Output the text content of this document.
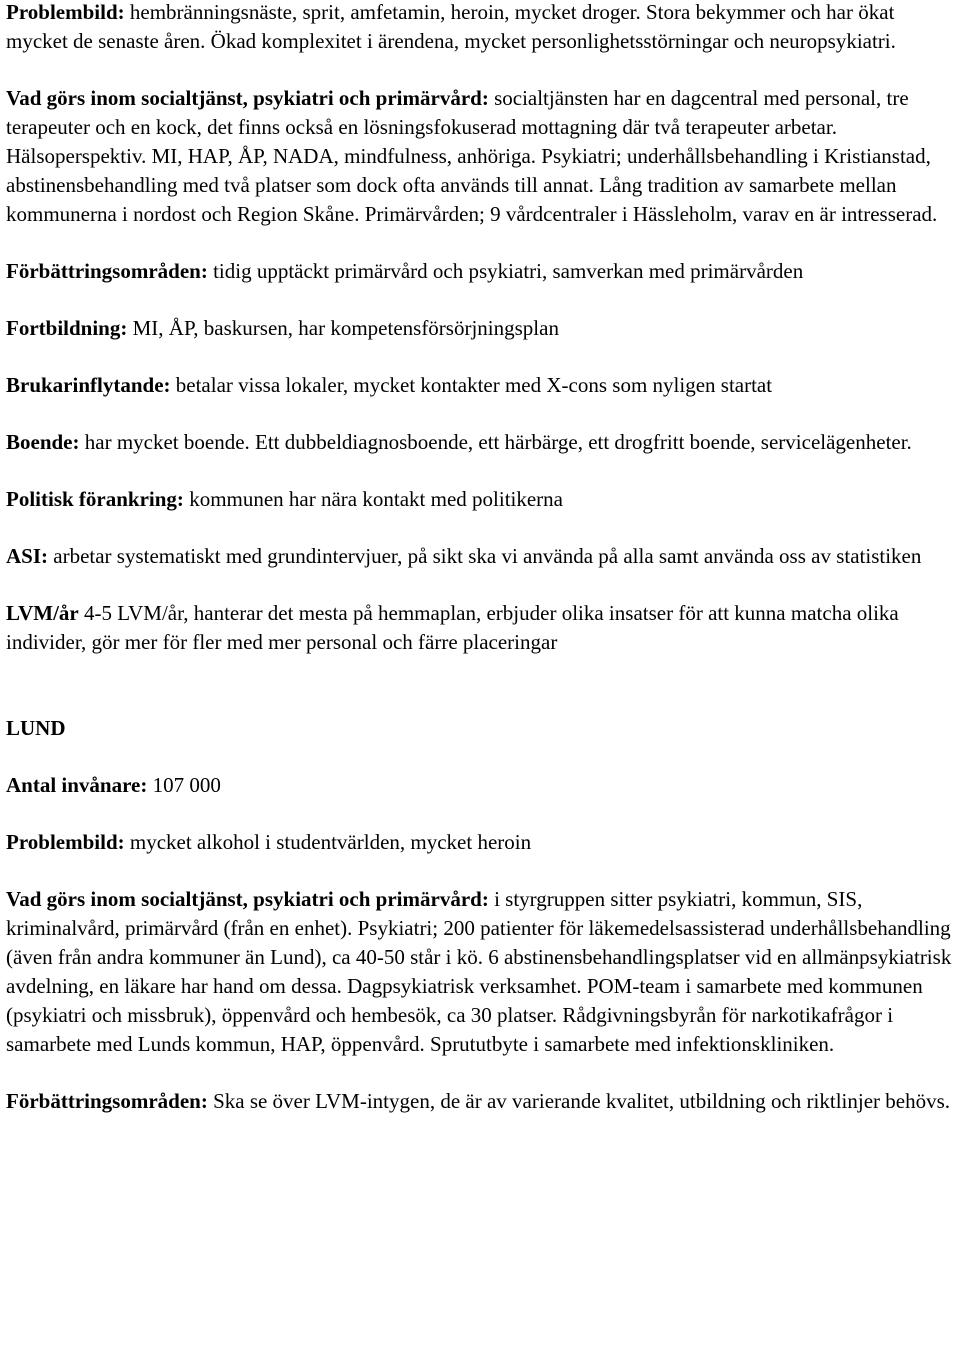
Problembild: hembränningsnäste, sprit, amfetamin, heroin, mycket droger. Stora bekymmer och har ökat mycket de senaste åren. Ökad komplexitet i ärendena, mycket personlighetsstörningar och neuropsykiatri.

Vad görs inom socialtjänst, psykiatri och primärvård: socialtjänsten har en dagcentral med personal, tre terapeuter och en kock, det finns också en lösningsfokuserad mottagning där två terapeuter arbetar. Hälsoperspektiv. MI, HAP, ÅP, NADA, mindfulness, anhöriga. Psykiatri; underhållsbehandling i Kristianstad, abstinensbehandling med två platser som dock ofta används till annat. Lång tradition av samarbete mellan kommunerna i nordost och Region Skåne. Primärvården; 9 vårdcentraler i Hässleholm, varav en är intresserad.

Förbättringsområden: tidig upptäckt primärvård och psykiatri, samverkan med primärvården

Fortbildning: MI, ÅP, baskursen, har kompetensförsörjningsplan

Brukarinflytande: betalar vissa lokaler, mycket kontakter med X-cons som nyligen startat

Boende: har mycket boende. Ett dubbeldiagnosboende, ett härbärge, ett drogfritt boende, servicelägenheter.

Politisk förankring: kommunen har nära kontakt med politikerna

ASI: arbetar systematiskt med grundintervjuer, på sikt ska vi använda på alla samt använda oss av statistiken

LVM/år 4-5 LVM/år, hanterar det mesta på hemmaplan, erbjuder olika insatser för att kunna matcha olika individer, gör mer för fler med mer personal och färre placeringar

LUND

Antal invånare: 107 000

Problembild: mycket alkohol i studentvärlden, mycket heroin

Vad görs inom socialtjänst, psykiatri och primärvård: i styrgruppen sitter psykiatri, kommun, SIS, kriminalvård, primärvård (från en enhet). Psykiatri; 200 patienter för läkemedelsassisterad underhållsbehandling (även från andra kommuner än Lund), ca 40-50 står i kö. 6 abstinensbehandlingsplatser vid en allmänpsykiatrisk avdelning, en läkare har hand om dessa. Dagpsykiatrisk verksamhet. POM-team i samarbete med kommunen (psykiatri och missbruk), öppenvård och hembesök, ca 30 platser. Rådgivningsbyrån för narkotikafrågor i samarbete med Lunds kommun, HAP, öppenvård. Sprututbyte i samarbete med infektionskliniken.

Förbättringsområden: Ska se över LVM-intygen, de är av varierande kvalitet, utbildning och riktlinjer behövs.
